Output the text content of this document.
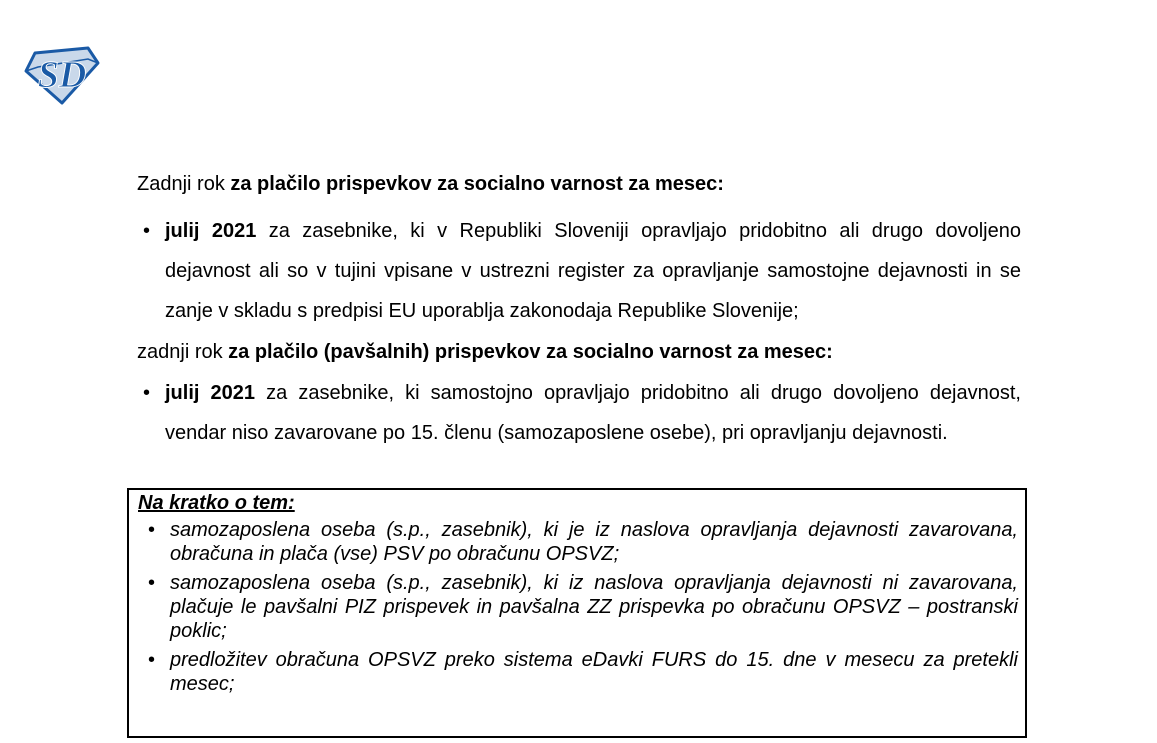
SD

Zadnji rok za plačilo prispevkov za socialno varnost za mesec:

• julij 2021 za zasebnike, ki v Republiki Sloveniji opravljajo pridobitno ali drugo dovoljeno dejavnost ali so v tujini vpisane v ustrezni register za opravljanje samostojne dejavnosti in se zanje v skladu s predpisi EU uporablja zakonodaja Republike Slovenije;

zadnji rok za plačilo (pavšalnih) prispevkov za socialno varnost za mesec:

• julij 2021 za zasebnike, ki samostojno opravljajo pridobitno ali drugo dovoljeno dejavnost, vendar niso zavarovane po 15. členu (samozaposlene osebe), pri opravljanju dejavnosti.
Na kratko o tem:
• samozaposlena oseba (s.p., zasebnik), ki je iz naslova opravljanja dejavnosti zavarovana, obračuna in plača (vse) PSV po obračunu OPSVZ;
• samozaposlena oseba (s.p., zasebnik), ki iz naslova opravljanja dejavnosti ni zavarovana, plačuje le pavšalni PIZ prispevek in pavšalna ZZ prispevka po obračunu OPSVZ – postranski poklic;
• predložitev obračuna OPSVZ preko sistema eDavki FURS do 15. dne v mesecu za pretekli mesec;
